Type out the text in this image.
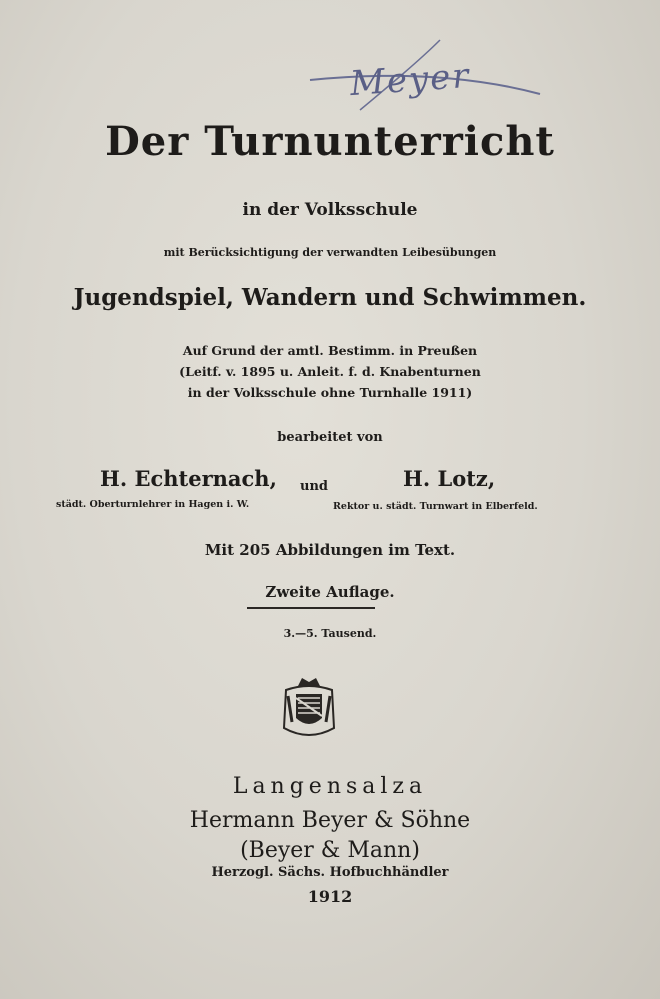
Meyer
Der Turnunterricht
in der Volksschule
mit Berücksichtigung der verwandten Leibesübungen
Jugendspiel, Wandern und Schwimmen.
Auf Grund der amtl. Bestimm. in Preußen
(Leitf. v. 1895 u. Anleit. f. d. Knabenturnen
in der Volksschule ohne Turnhalle 1911)
bearbeitet von
H. Echternach,
städt. Oberturnlehrer in Hagen i. W.
und	H. Lotz,
Rektor u. städt. Turnwart in Elberfeld.
Mit 205 Abbildungen im Text.
Zweite Auflage.
3.—5. Tausend.
Langensalza
Hermann Beyer & Söhne
(Beyer & Mann)
Herzogl. Sächs. Hofbuchhändler
1912
